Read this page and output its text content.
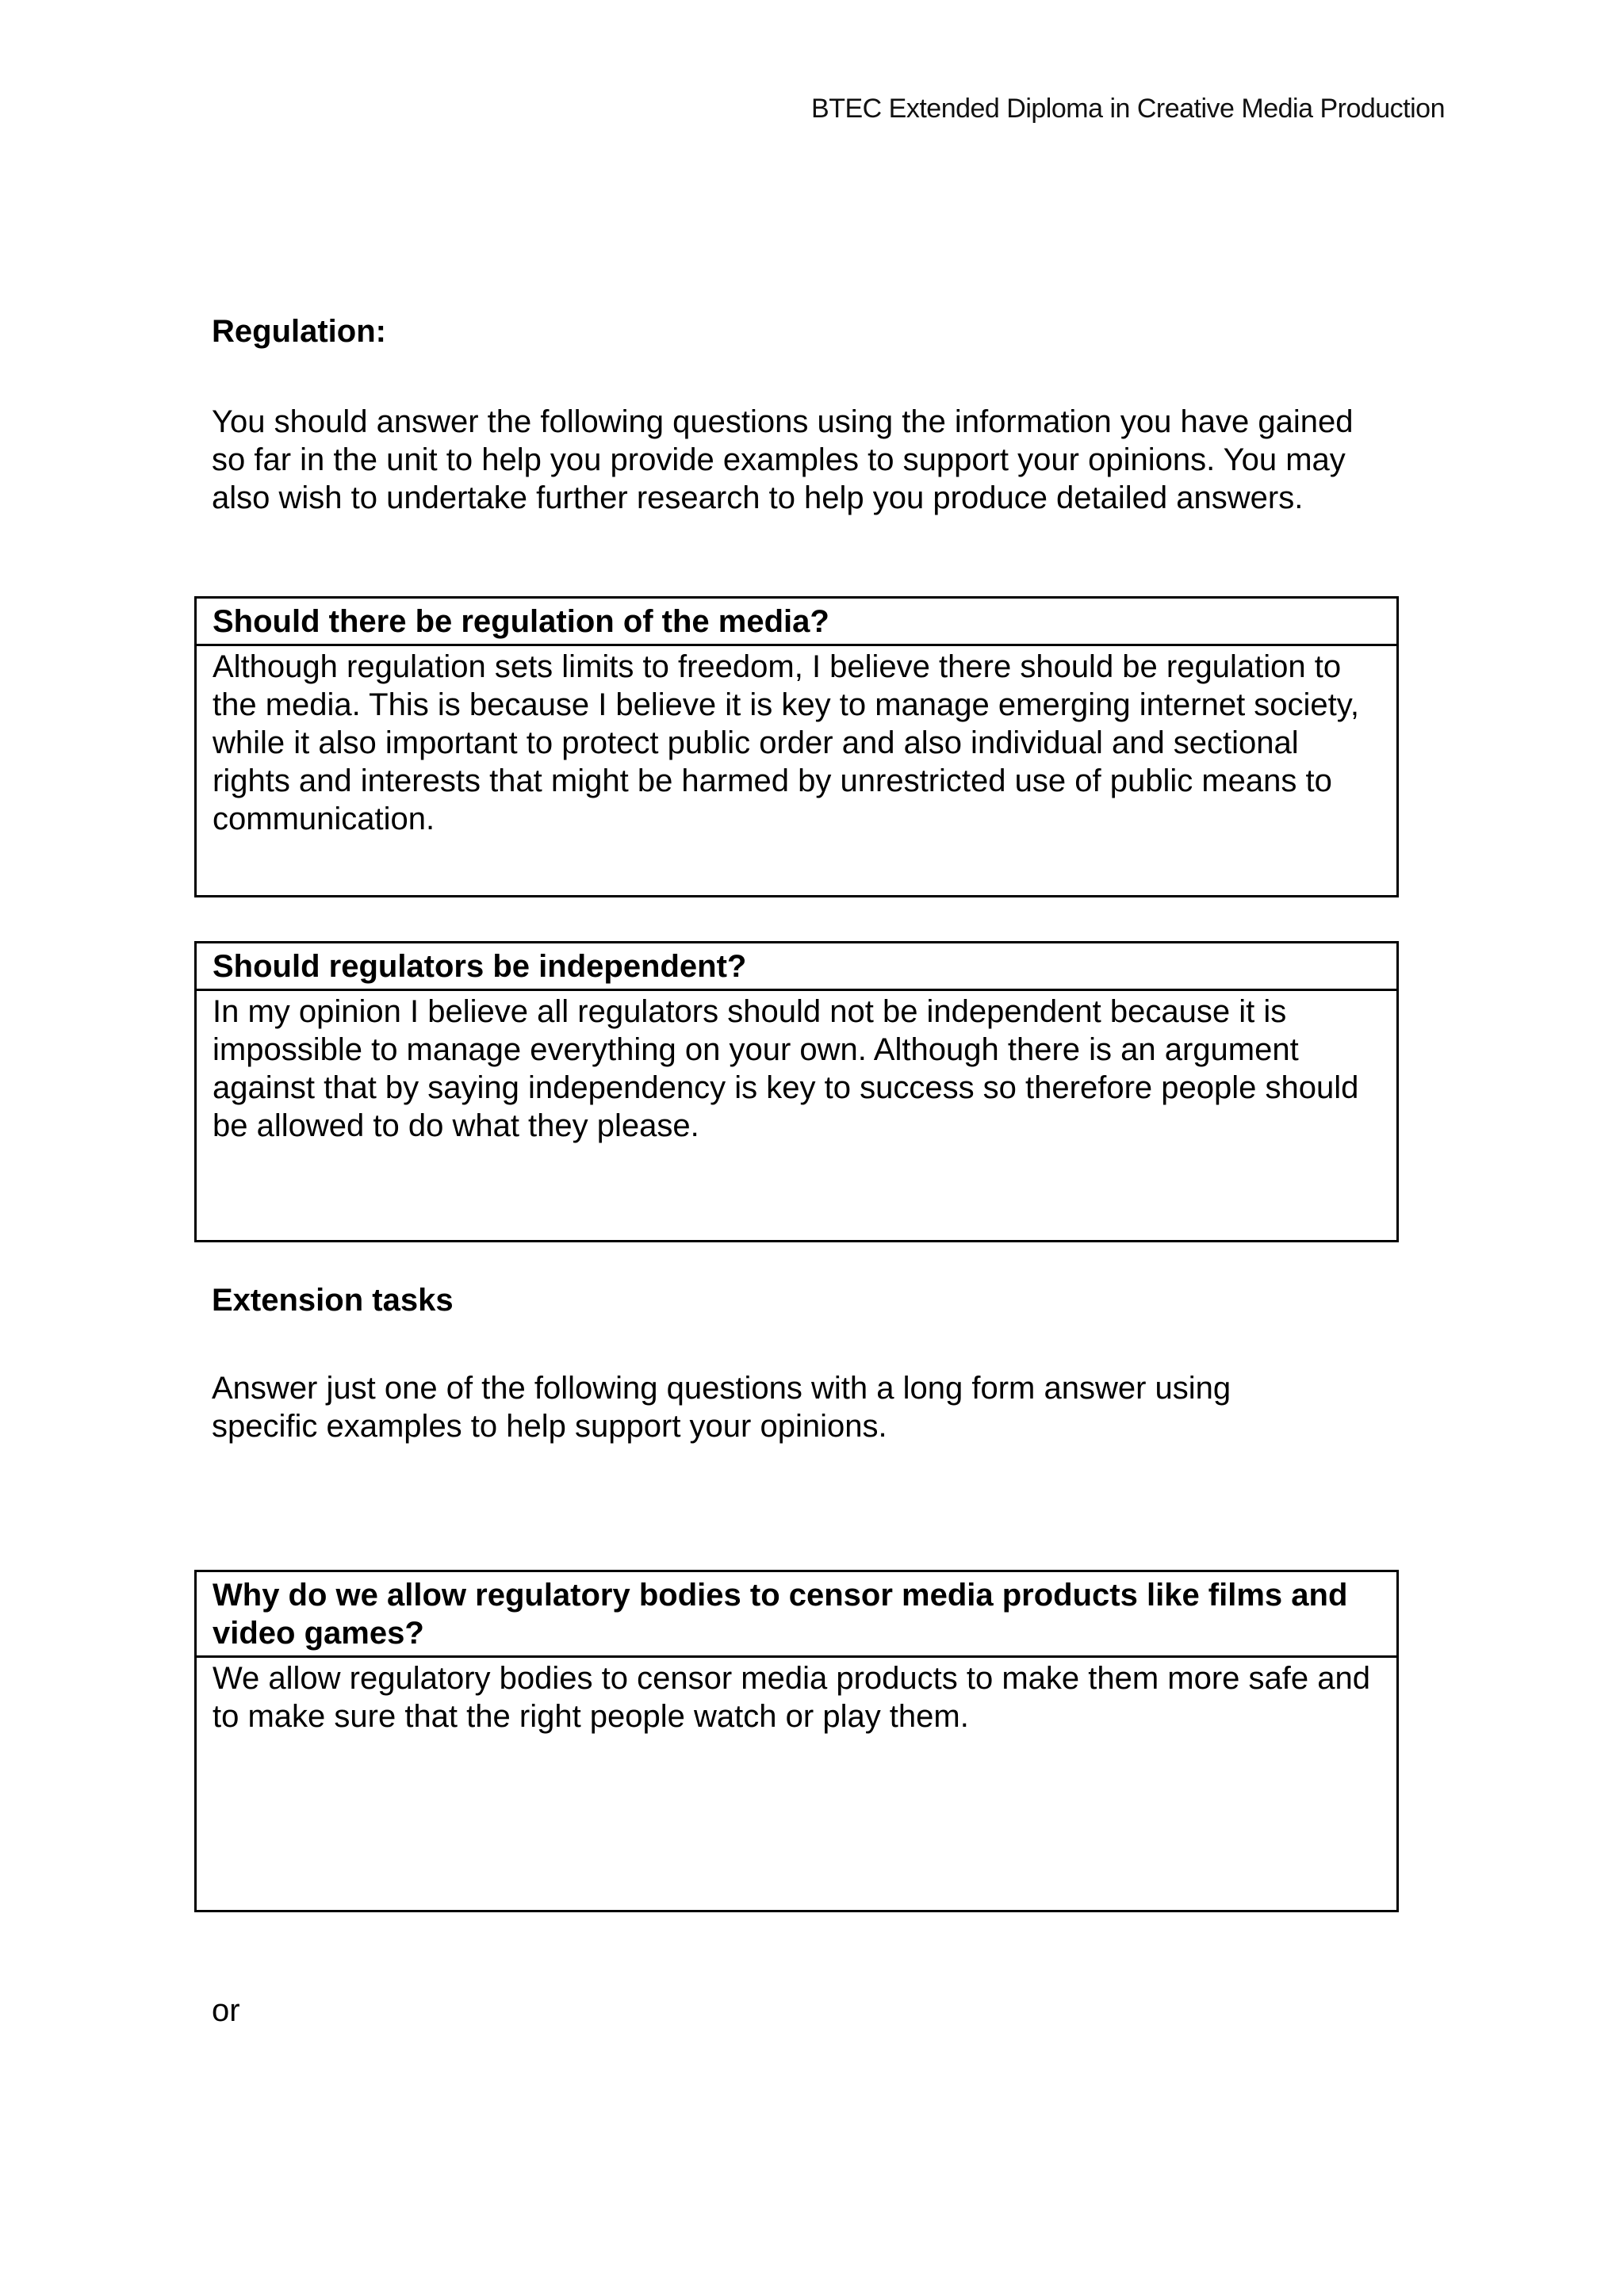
BTEC Extended Diploma in Creative Media Production
Regulation:
You should answer the following questions using the information you have gained so far in the unit to help you provide examples to support your opinions. You may also wish to undertake further research to help you produce detailed answers.
Should there be regulation of the media?
Although regulation sets limits to freedom, I believe there should be regulation to the media. This is because I believe it is key to manage emerging internet society, while it also important to protect public order and also individual and sectional rights and interests that might be harmed by unrestricted use of public means to communication.
Should regulators be independent?
In my opinion I believe all regulators should not be independent because it is impossible to manage everything on your own. Although there is an argument against that by saying independency is key to success so therefore people should be allowed to do what they please.
Extension tasks
Answer just one of the following questions with a long form answer using specific examples to help support your opinions.
Why do we allow regulatory bodies to censor media products like films and video games?
We allow regulatory bodies to censor media products to make them more safe and to make sure that the right people watch or play them.
or
